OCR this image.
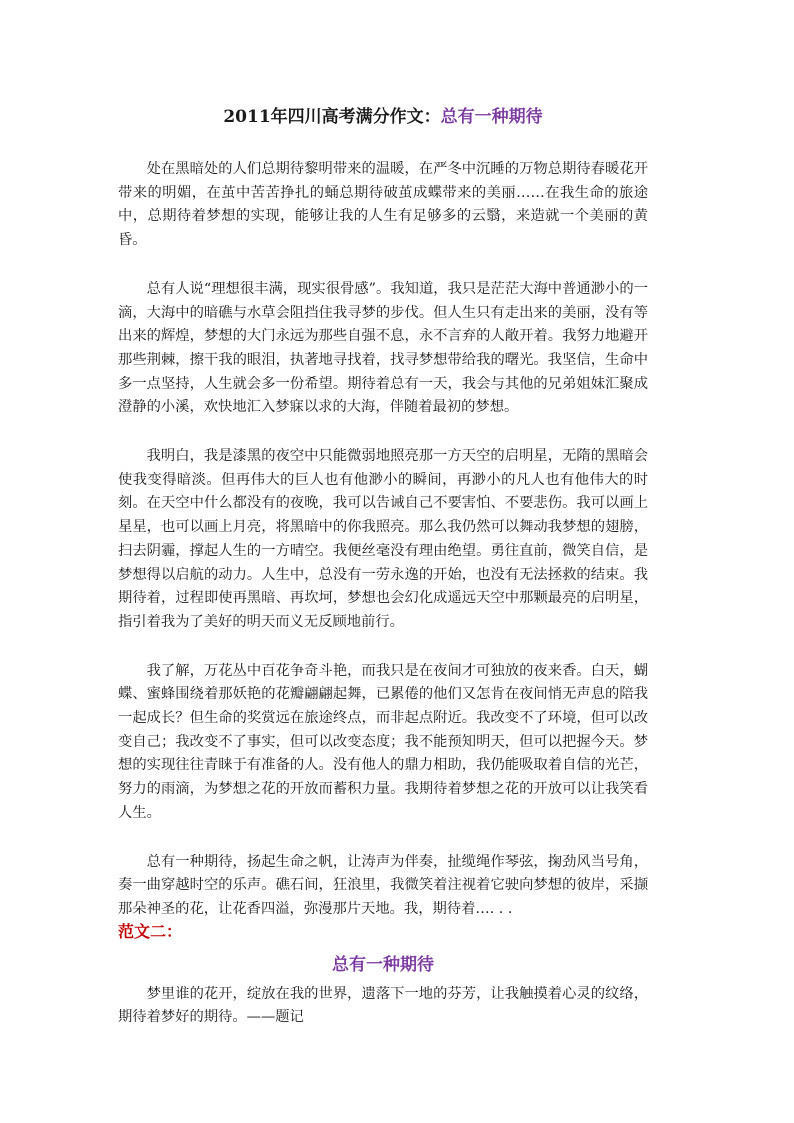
2011年四川高考满分作文：总有一种期待

处在黑暗处的人们总期待黎明带来的温暖，在严冬中沉睡的万物总期待春暖花开带来的明媚，在茧中苦苦挣扎的蛹总期待破茧成蝶带来的美丽……在我生命的旅途中，总期待着梦想的实现，能够让我的人生有足够多的云翳，来造就一个美丽的黄昏。

总有人说“理想很丰满，现实很骨感”。我知道，我只是茫茫大海中普通渺小的一滴，大海中的暗礁与水草会阻挡住我寻梦的步伐。但人生只有走出来的美丽，没有等出来的辉煌，梦想的大门永远为那些自强不息，永不言弃的人敞开着。我努力地避开那些荆棘，擦干我的眼泪，执著地寻找着，找寻梦想带给我的曙光。我坚信，生命中多一点坚持，人生就会多一份希望。期待着总有一天，我会与其他的兄弟姐妹汇聚成澄静的小溪，欢快地汇入梦寐以求的大海，伴随着最初的梦想。

我明白，我是漆黑的夜空中只能微弱地照亮那一方天空的启明星，无隋的黑暗会使我变得暗淡。但再伟大的巨人也有他渺小的瞬间，再渺小的凡人也有他伟大的时刻。在天空中什么都没有的夜晚，我可以告诫自己不要害怕、不要悲伤。我可以画上星星，也可以画上月亮，将黑暗中的你我照亮。那么我仍然可以舞动我梦想的翅膀，扫去阴霾，撑起人生的一方晴空。我便丝毫没有理由绝望。勇往直前，微笑自信，是梦想得以启航的动力。人生中，总没有一劳永逸的开始，也没有无法拯救的结束。我期待着，过程即使再黑暗、再坎坷，梦想也会幻化成遥远天空中那颗最亮的启明星，指引着我为了美好的明天而义无反顾地前行。

我了解，万花丛中百花争奇斗艳，而我只是在夜间才可独放的夜来香。白天，蝴蝶、蜜蜂围绕着那妖艳的花瓣翩翩起舞，已累倦的他们又怎肯在夜间悄无声息的陪我一起成长？但生命的奖赏远在旅途终点，而非起点附近。我改变不了环境，但可以改变自己；我改变不了事实，但可以改变态度；我不能预知明天，但可以把握今天。梦想的实现往往青睐于有准备的人。没有他人的鼎力相助，我仍能吸取着自信的光芒，努力的雨滴，为梦想之花的开放而蓄积力量。我期待着梦想之花的开放可以让我笑看人生。

总有一种期待，扬起生命之帆，让涛声为伴奏，扯缆绳作琴弦，掬劲风当号角，奏一曲穿越时空的乐声。礁石间，狂浪里，我微笑着注视着它驶向梦想的彼岸，采撷那朵神圣的花，让花香四溢，弥漫那片天地。我，期待着…. . .

范文二：
总有一种期待

梦里谁的花开，绽放在我的世界，遗落下一地的芬芳，让我触摸着心灵的纹络，期待着梦好的期待。——题记
